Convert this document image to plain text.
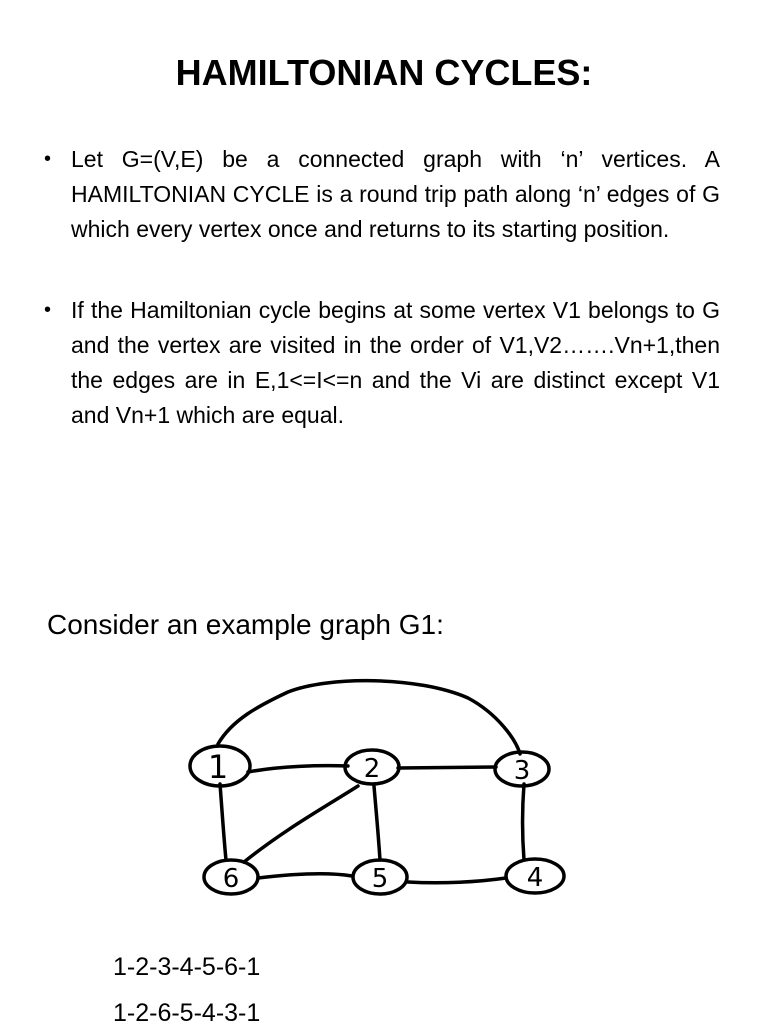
HAMILTONIAN CYCLES:
• Let G=(V,E) be a connected graph with ‘n’ vertices. A HAMILTONIAN CYCLE is a round trip path along ‘n’ edges of G which every vertex once and returns to its starting position.
• If the Hamiltonian cycle begins at some vertex V1 belongs to G and the vertex are visited in the order of V1,V2…….Vn+1,then the edges are in E,1<=I<=n and the Vi are distinct except V1 and Vn+1 which are equal.
Consider an example graph G1:
1	2	3
6	5	4
1-2-3-4-5-6-1
1-2-6-5-4-3-1
